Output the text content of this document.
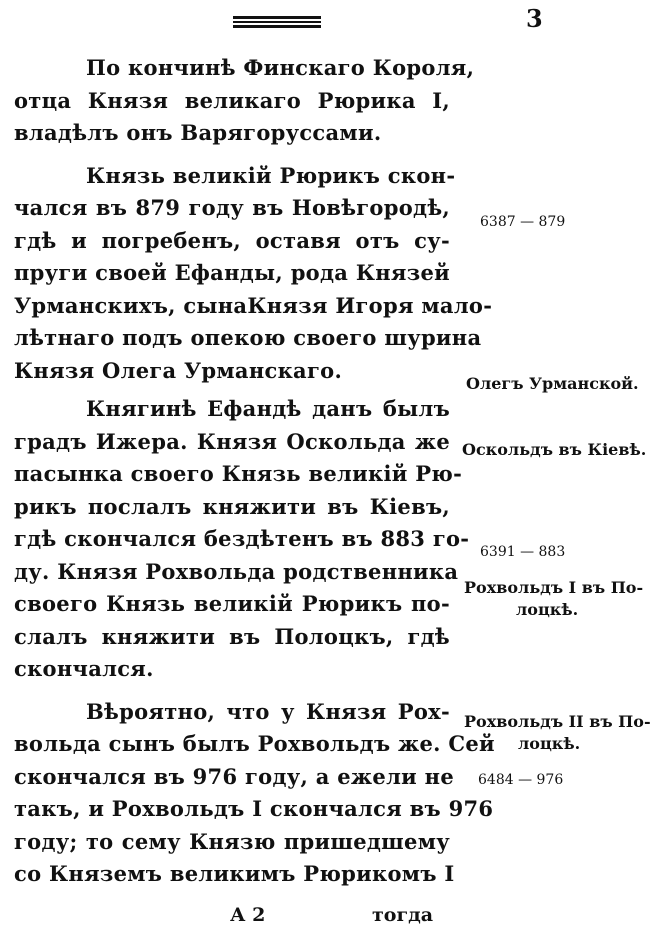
3
По кончинѣ Финскаго Короля,
отца Князя великаго Рюрика I,
владѣлъ онъ Варягоруссами.
Князь великій Рюрикъ скон-
чался въ 879 году въ Новѣгородѣ,
гдѣ и погребенъ, оставя отъ су-
пруги своей Ефанды, рода Князей
Урманскихъ, сынаКнязя Игоря мало-
лѣтнаго подъ опекою своего шурина
Князя Олега Урманскаго.
Княгинѣ Ефандѣ данъ былъ
градъ Ижера. Князя Оскольда же
пасынка своего Князь великій Рю-
рикъ послалъ княжити въ Кіевъ,
гдѣ скончался бездѣтенъ въ 883 го-
ду. Князя Рохвольда родственника
своего Князь великій Рюрикъ по-
слалъ княжити въ Полоцкъ, гдѣ
скончался.
Вѣроятно, что у Князя Рох-
вольда сынъ былъ Рохвольдъ же. Сей
скончался въ 976 году, а ежели не
такъ, и Рохвольдъ I скончался въ 976
году; то сему Князю пришедшему
со Княземъ великимъ Рюрикомъ I
6387 — 879
Олегъ Урманской.
Оскольдъ въ Кіевѣ.
6391 — 883
Рохвольдъ I въ По-
лоцкѣ.
Рохвольдъ II въ По-
лоцкѣ.
6484 — 976
А 2	тогда
